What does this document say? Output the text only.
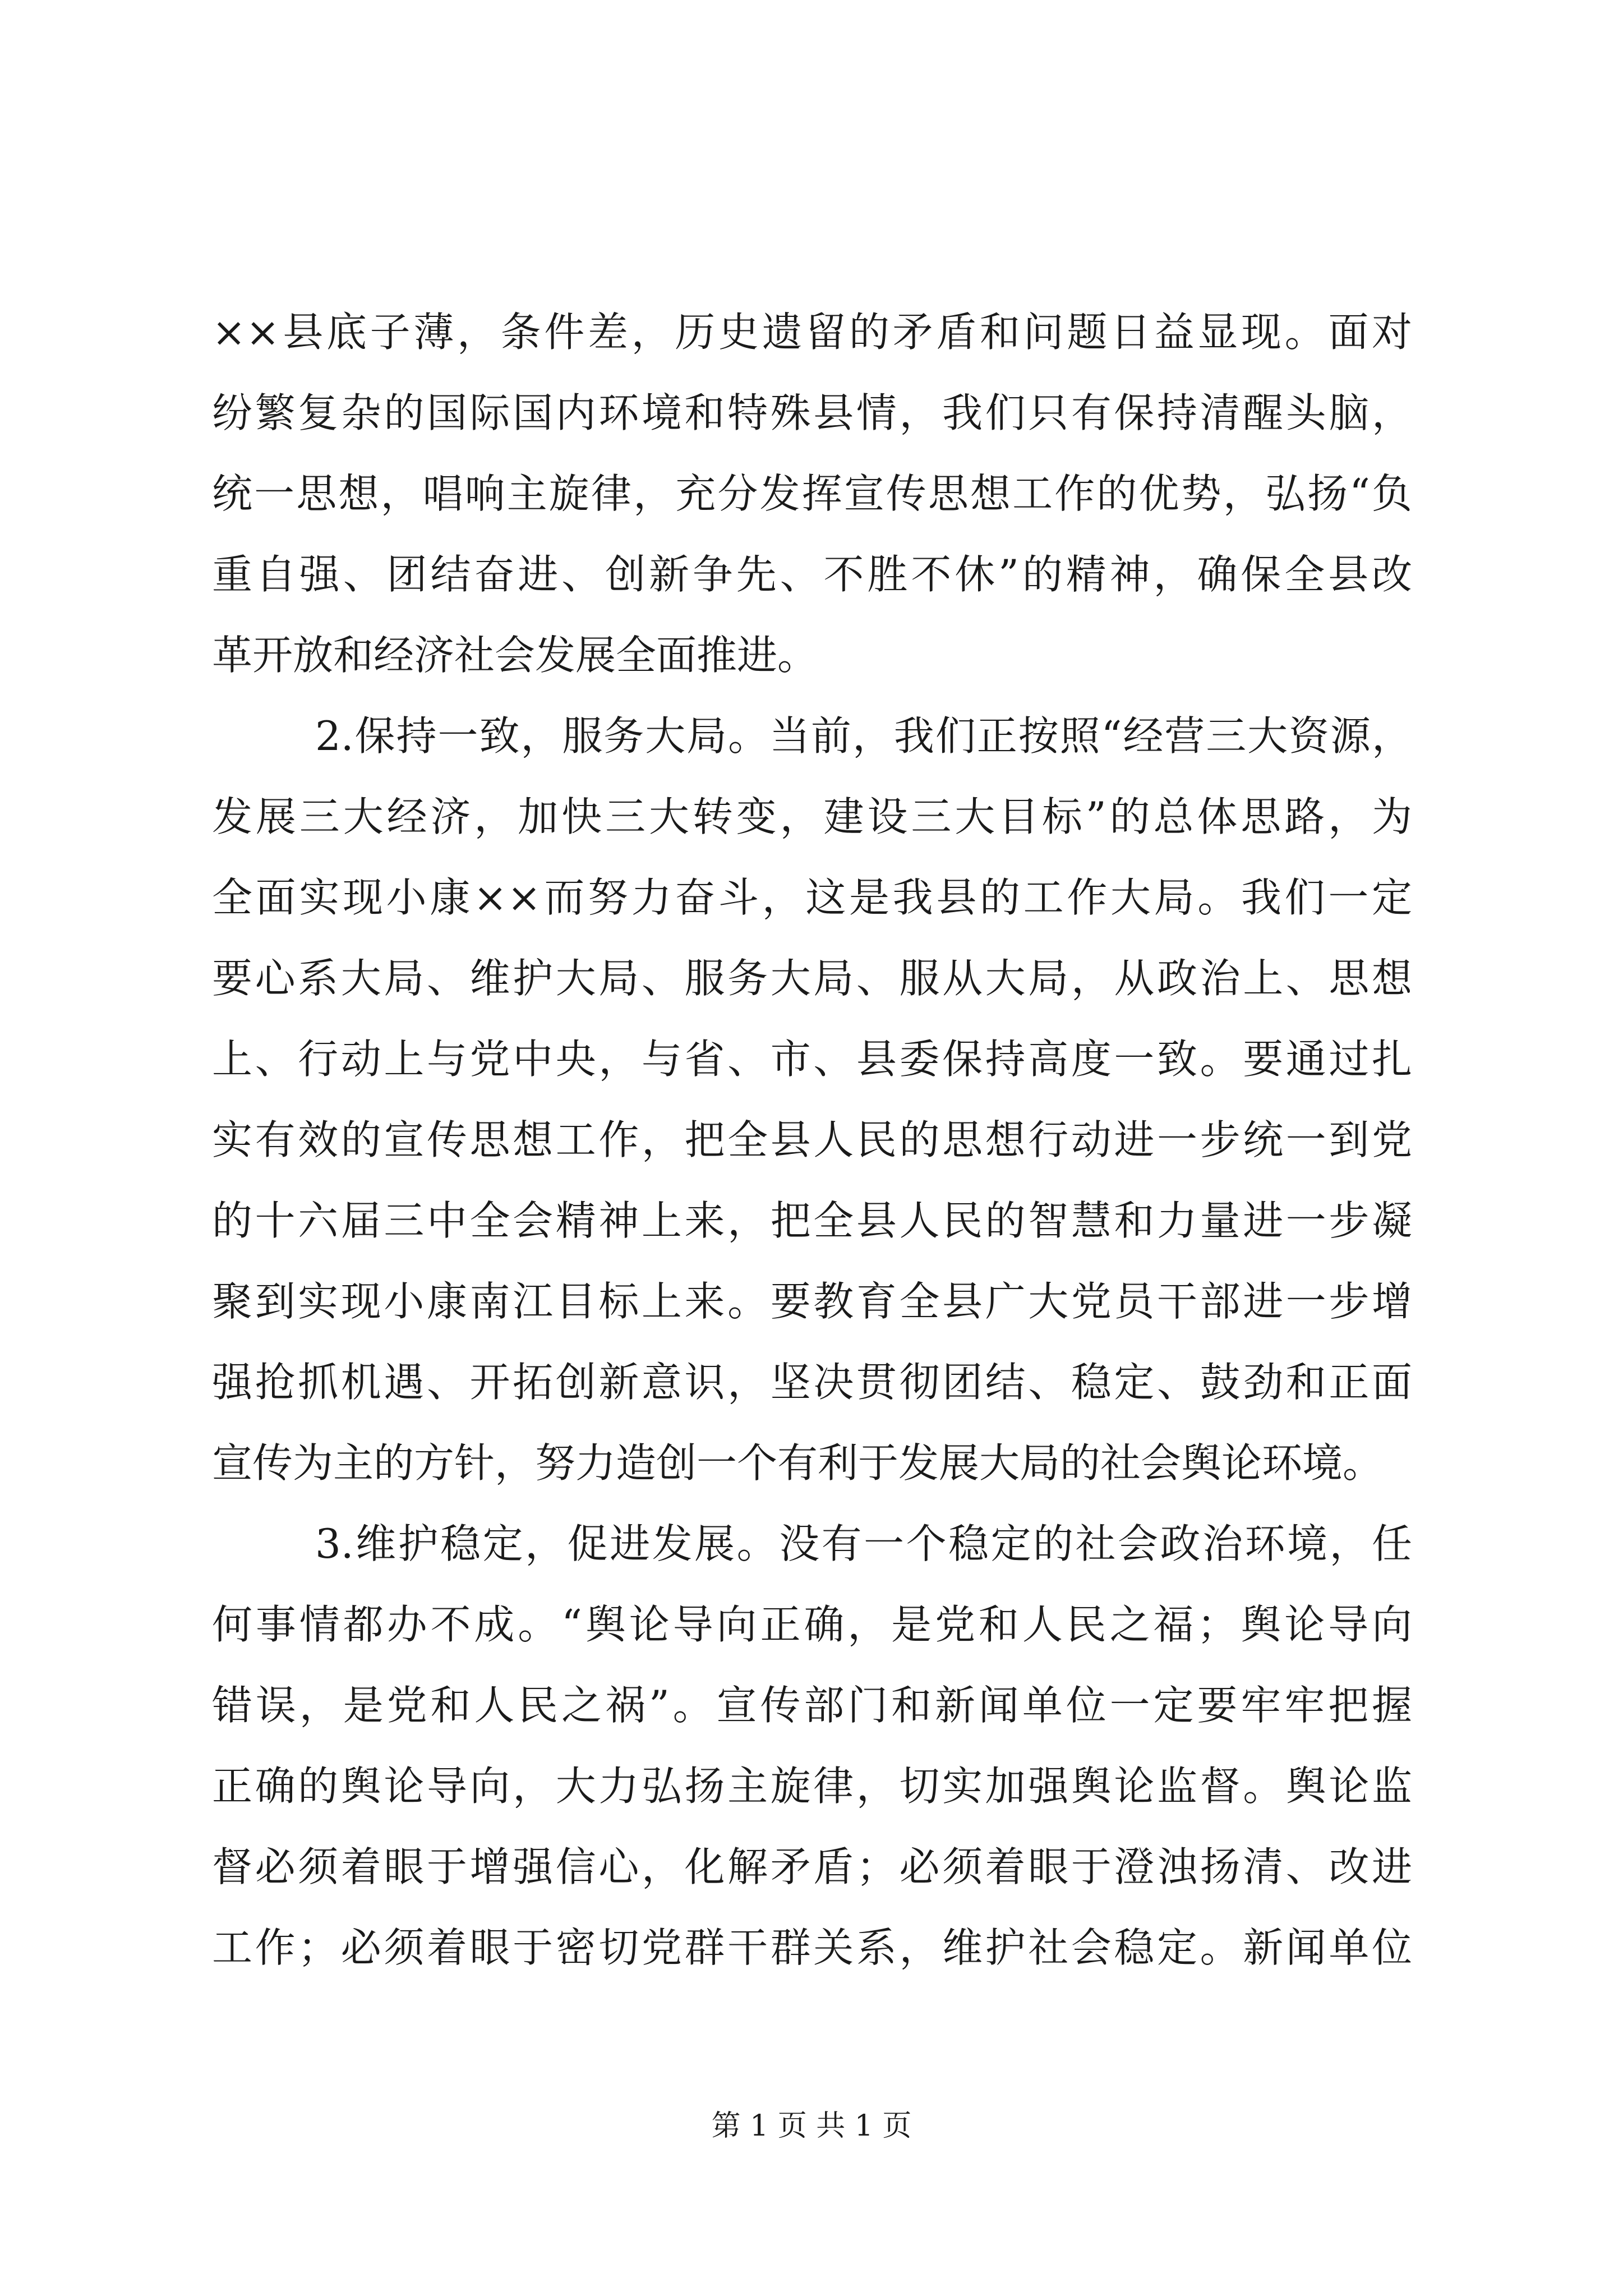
××县底子薄，条件差，历史遗留的矛盾和问题日益显现。面对
纷繁复杂的国际国内环境和特殊县情，我们只有保持清醒头脑，
统一思想，唱响主旋律，充分发挥宣传思想工作的优势，弘扬“负
重自强、团结奋进、创新争先、不胜不休”的精神，确保全县改
革开放和经济社会发展全面推进。
2.保持一致，服务大局。当前，我们正按照“经营三大资源，
发展三大经济，加快三大转变，建设三大目标”的总体思路，为
全面实现小康××而努力奋斗，这是我县的工作大局。我们一定
要心系大局、维护大局、服务大局、服从大局，从政治上、思想
上、行动上与党中央，与省、市、县委保持高度一致。要通过扎
实有效的宣传思想工作，把全县人民的思想行动进一步统一到党
的十六届三中全会精神上来，把全县人民的智慧和力量进一步凝
聚到实现小康南江目标上来。要教育全县广大党员干部进一步增
强抢抓机遇、开拓创新意识，坚决贯彻团结、稳定、鼓劲和正面
宣传为主的方针，努力造创一个有利于发展大局的社会舆论环境。
3.维护稳定，促进发展。没有一个稳定的社会政治环境，任
何事情都办不成。“舆论导向正确，是党和人民之福；舆论导向
错误，是党和人民之祸”。宣传部门和新闻单位一定要牢牢把握
正确的舆论导向，大力弘扬主旋律，切实加强舆论监督。舆论监
督必须着眼于增强信心，化解矛盾；必须着眼于澄浊扬清、改进
工作；必须着眼于密切党群干群关系，维护社会稳定。新闻单位
第 1 页 共 1 页
